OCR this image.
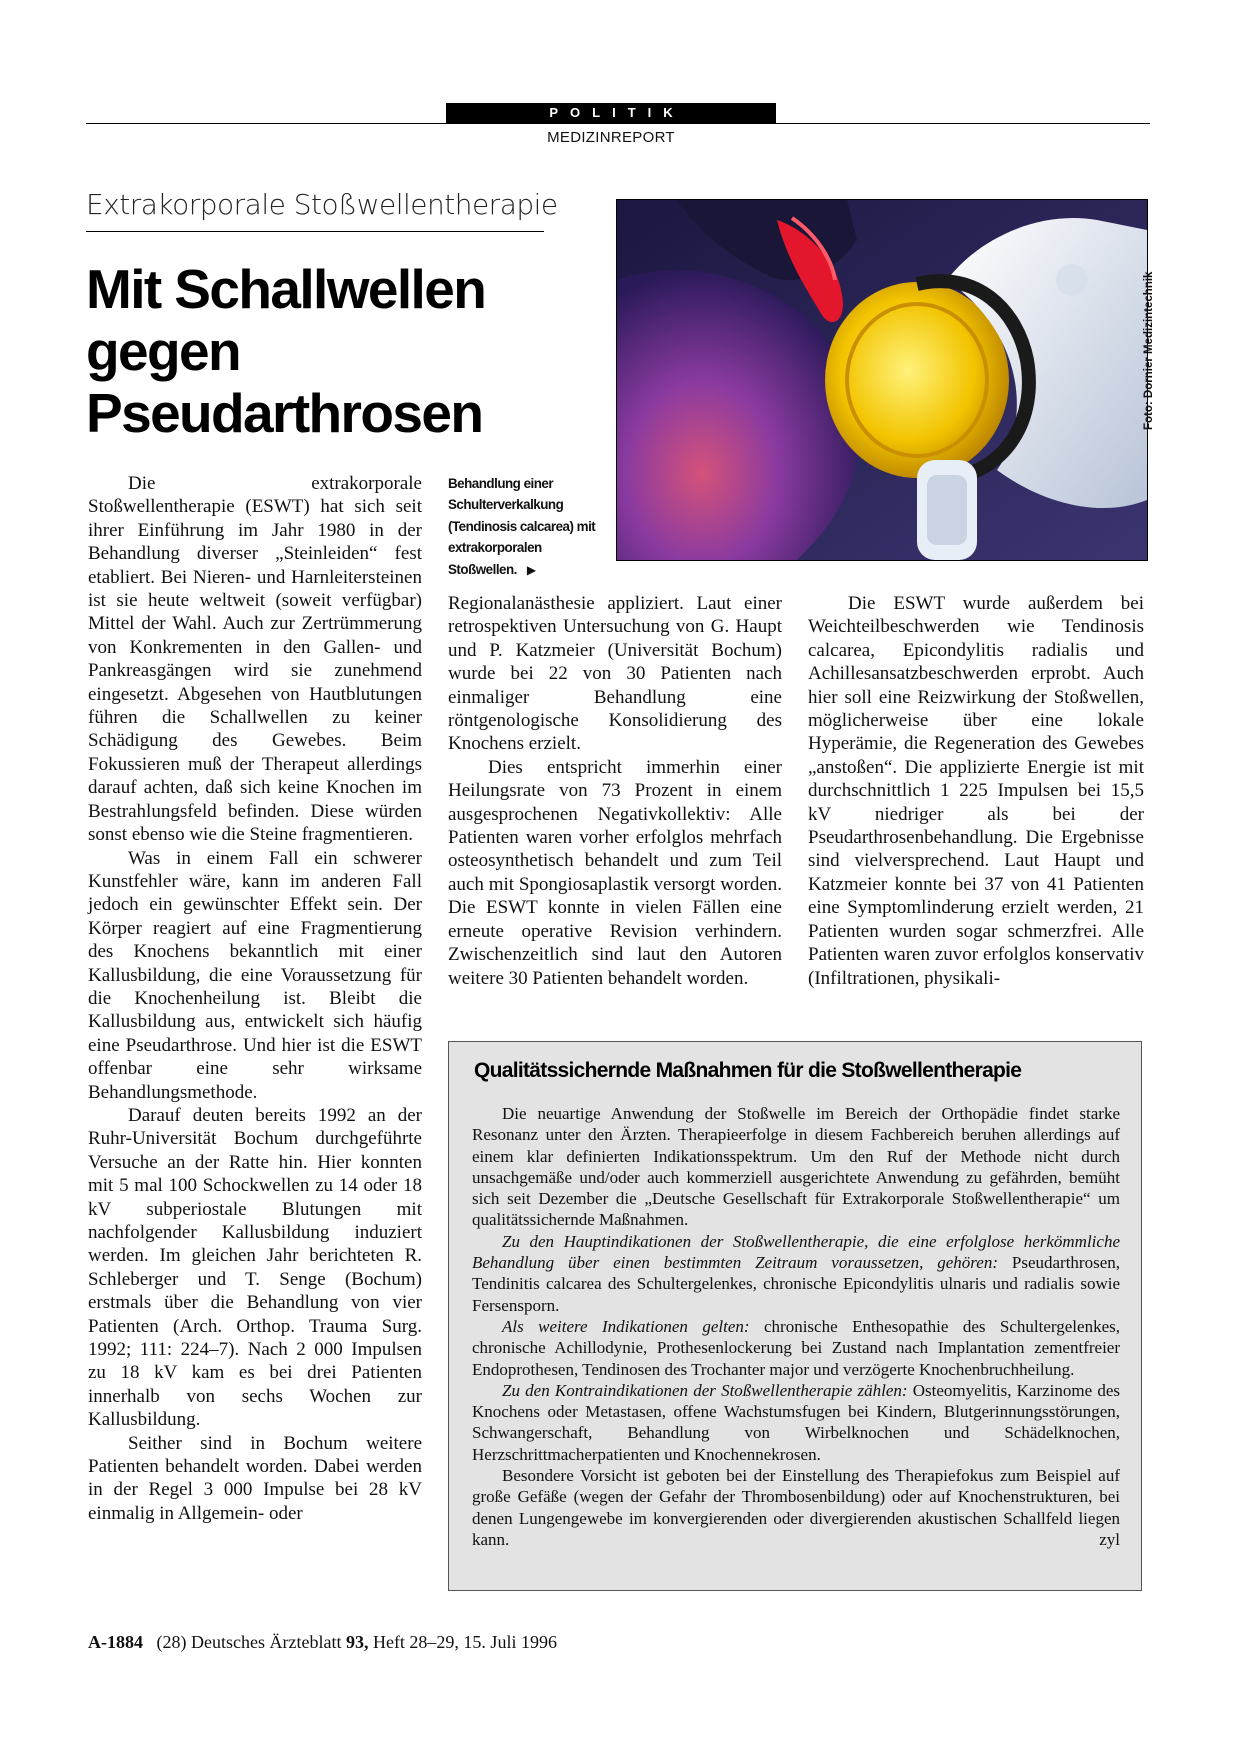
POLITIK
MEDIZINREPORT
Extrakorporale Stoßwellentherapie
Mit Schallwellen
gegen
Pseudarthrosen	Foto: Dornier Medizintechnik
Behandlung einer Schulterverkalkung (Tendinosis calcarea) mit extrakorporalen Stoßwellen. ▶

Die extrakorporale Stoßwellentherapie (ESWT) hat sich seit ihrer Einführung im Jahr 1980 in der Behandlung diverser „Steinleiden“ fest etabliert. Bei Nieren- und Harnleitersteinen ist sie heute weltweit (soweit verfügbar) Mittel der Wahl. Auch zur Zertrümmerung von Konkrementen in den Gallen- und Pankreasgängen wird sie zunehmend eingesetzt. Abgesehen von Hautblutungen führen die Schallwellen zu keiner Schädigung des Gewebes. Beim Fokussieren muß der Therapeut allerdings darauf achten, daß sich keine Knochen im Bestrahlungsfeld befinden. Diese würden sonst ebenso wie die Steine fragmentieren.

Was in einem Fall ein schwerer Kunstfehler wäre, kann im anderen Fall jedoch ein gewünschter Effekt sein. Der Körper reagiert auf eine Fragmentierung des Knochens bekanntlich mit einer Kallusbildung, die eine Voraussetzung für die Knochenheilung ist. Bleibt die Kallusbildung aus, entwickelt sich häufig eine Pseudarthrose. Und hier ist die ESWT offenbar eine sehr wirksame Behandlungsmethode.

Darauf deuten bereits 1992 an der Ruhr-Universität Bochum durchgeführte Versuche an der Ratte hin. Hier konnten mit 5 mal 100 Schockwellen zu 14 oder 18 kV subperiostale Blutungen mit nachfolgender Kallusbildung induziert werden. Im gleichen Jahr berichteten R. Schleberger und T. Senge (Bochum) erstmals über die Behandlung von vier Patienten (Arch. Orthop. Trauma Surg. 1992; 111: 224–7). Nach 2 000 Impulsen zu 18 kV kam es bei drei Patienten innerhalb von sechs Wochen zur Kallusbildung.

Seither sind in Bochum weitere Patienten behandelt worden. Dabei werden in der Regel 3 000 Impulse bei 28 kV einmalig in Allgemein- oder

Regionalanästhesie appliziert. Laut einer retrospektiven Untersuchung von G. Haupt und P. Katzmeier (Universität Bochum) wurde bei 22 von 30 Patienten nach einmaliger Behandlung eine röntgenologische Konsolidierung des Knochens erzielt.

Dies entspricht immerhin einer Heilungsrate von 73 Prozent in einem ausgesprochenen Negativkollektiv: Alle Patienten waren vorher erfolglos mehrfach osteosynthetisch behandelt und zum Teil auch mit Spongiosaplastik versorgt worden. Die ESWT konnte in vielen Fällen eine erneute operative Revision verhindern. Zwischenzeitlich sind laut den Autoren weitere 30 Patienten behandelt worden.

Die ESWT wurde außerdem bei Weichteilbeschwerden wie Tendinosis calcarea, Epicondylitis radialis und Achillesansatzbeschwerden erprobt. Auch hier soll eine Reizwirkung der Stoßwellen, möglicherweise über eine lokale Hyperämie, die Regeneration des Gewebes „anstoßen“. Die applizierte Energie ist mit durchschnittlich 1 225 Impulsen bei 15,5 kV niedriger als bei der Pseudarthrosenbehandlung. Die Ergebnisse sind vielversprechend. Laut Haupt und Katzmeier konnte bei 37 von 41 Patienten eine Symptomlinderung erzielt werden, 21 Patienten wurden sogar schmerzfrei. Alle Patienten waren zuvor erfolglos konservativ (Infiltrationen, physikali-

Qualitätssichernde Maßnahmen für die Stoßwellentherapie

Die neuartige Anwendung der Stoßwelle im Bereich der Orthopädie findet starke Resonanz unter den Ärzten. Therapieerfolge in diesem Fachbereich beruhen allerdings auf einem klar definierten Indikationsspektrum. Um den Ruf der Methode nicht durch unsachgemäße und/oder auch kommerziell ausgerichtete Anwendung zu gefährden, bemüht sich seit Dezember die „Deutsche Gesellschaft für Extrakorporale Stoßwellentherapie“ um qualitätssichernde Maßnahmen.

Zu den Hauptindikationen der Stoßwellentherapie, die eine erfolglose herkömmliche Behandlung über einen bestimmten Zeitraum voraussetzen, gehören: Pseudarthrosen, Tendinitis calcarea des Schultergelenkes, chronische Epicondylitis ulnaris und radialis sowie Fersensporn.

Als weitere Indikationen gelten: chronische Enthesopathie des Schultergelenkes, chronische Achillodynie, Prothesenlockerung bei Zustand nach Implantation zementfreier Endoprothesen, Tendinosen des Trochanter major und verzögerte Knochenbruchheilung.

Zu den Kontraindikationen der Stoßwellentherapie zählen: Osteomyelitis, Karzinome des Knochens oder Metastasen, offene Wachstumsfugen bei Kindern, Blutgerinnungsstörungen, Schwangerschaft, Behandlung von Wirbelknochen und Schädelknochen, Herzschrittmacherpatienten und Knochennekrosen.

Besondere Vorsicht ist geboten bei der Einstellung des Therapiefokus zum Beispiel auf große Gefäße (wegen der Gefahr der Thrombosenbildung) oder auf Knochenstrukturen, bei denen Lungengewebe im konvergierenden oder divergierenden akustischen Schallfeld liegen kann.	zyl

A-1884 (28) Deutsches Ärzteblatt 93, Heft 28–29, 15. Juli 1996
